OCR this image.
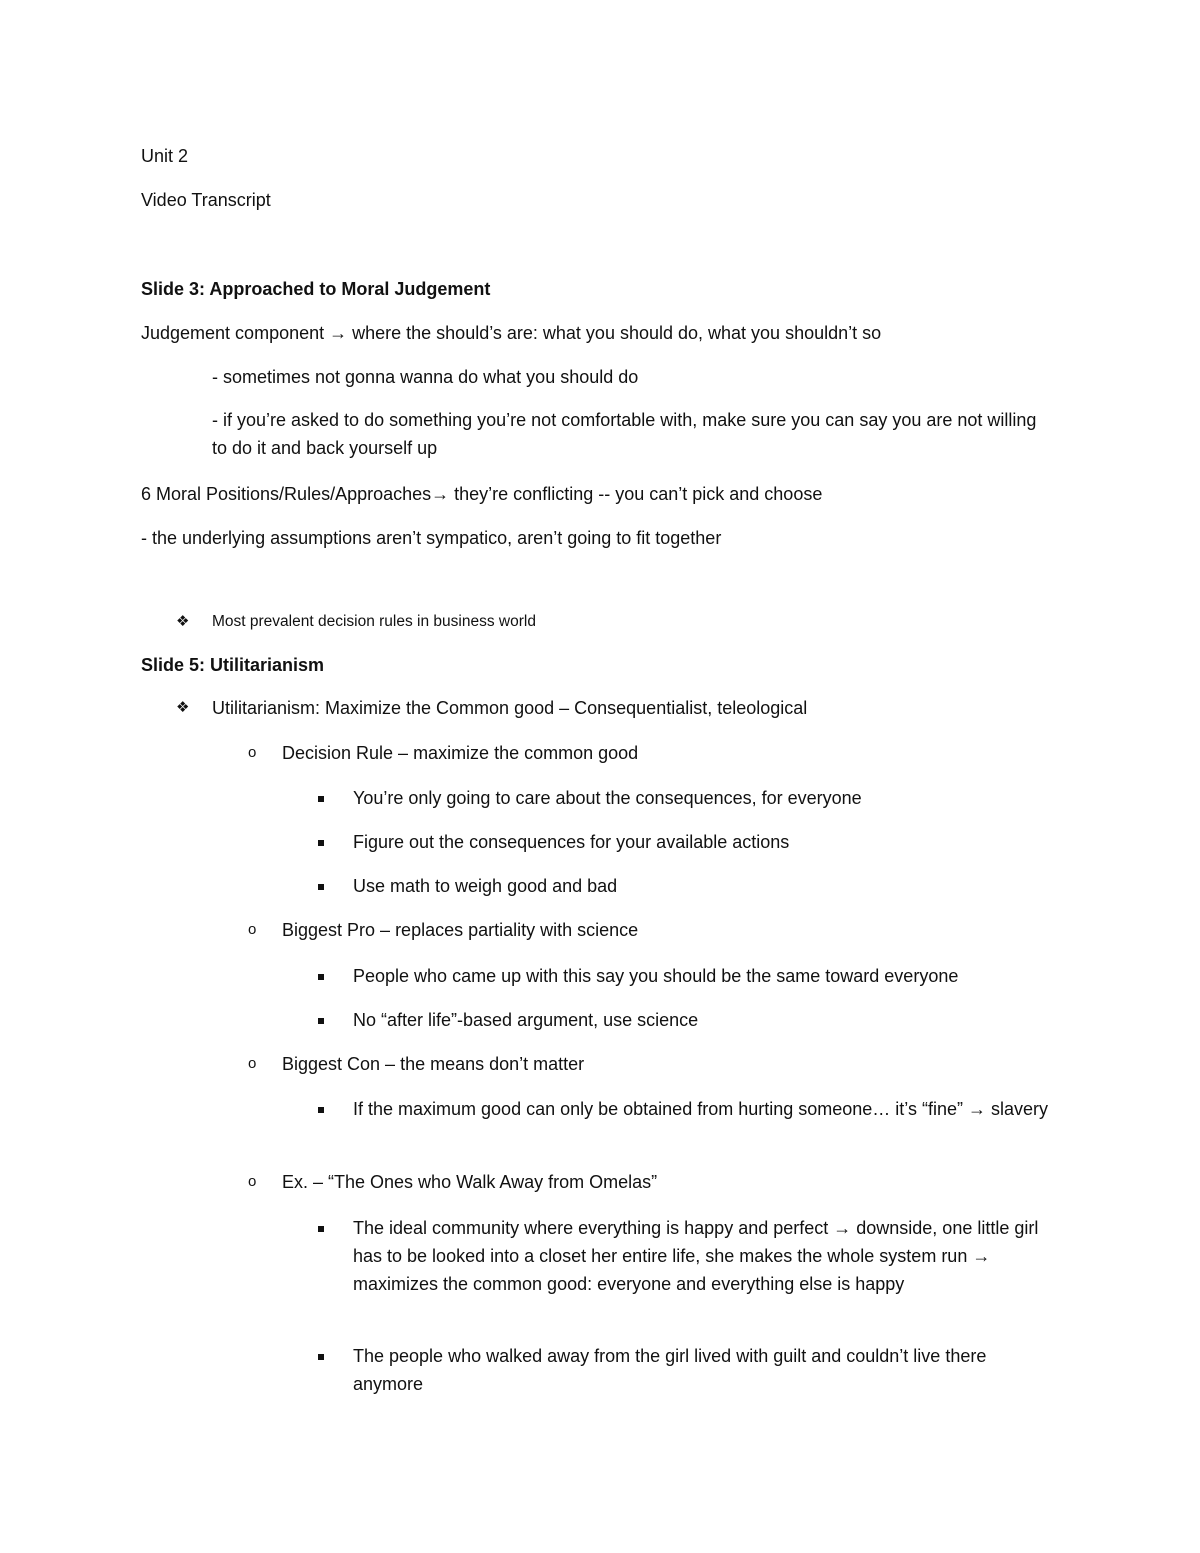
Unit 2
Video Transcript
Slide 3: Approached to Moral Judgement
Judgement component → where the should’s are: what you should do, what you shouldn’t so
- sometimes not gonna wanna do what you should do
- if you’re asked to do something you’re not comfortable with, make sure you can say you are not willing to do it and back yourself up
6 Moral Positions/Rules/Approaches→ they’re conflicting -- you can’t pick and choose
- the underlying assumptions aren’t sympatico, aren’t going to fit together
❖ Most prevalent decision rules in business world
Slide 5: Utilitarianism
❖ Utilitarianism: Maximize the Common good – Consequentialist, teleological
o Decision Rule – maximize the common good
You’re only going to care about the consequences, for everyone
Figure out the consequences for your available actions
Use math to weigh good and bad
o Biggest Pro – replaces partiality with science
People who came up with this say you should be the same toward everyone
No “after life”-based argument, use science
o Biggest Con – the means don’t matter
If the maximum good can only be obtained from hurting someone… it’s “fine” → slavery
o Ex. – “The Ones who Walk Away from Omelas”
The ideal community where everything is happy and perfect → downside, one little girl has to be looked into a closet her entire life, she makes the whole system run → maximizes the common good: everyone and everything else is happy
The people who walked away from the girl lived with guilt and couldn’t live there anymore
